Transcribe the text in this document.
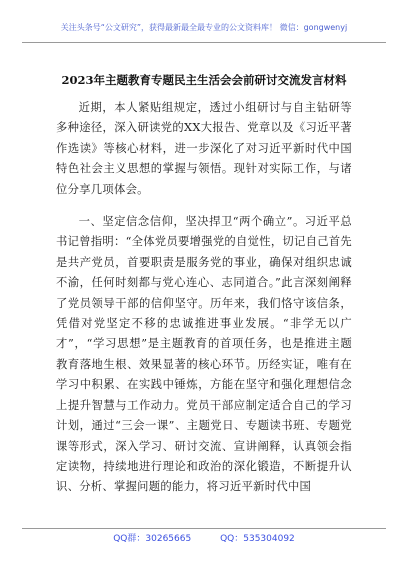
关注头条号“公文研究”，获得最新最全最专业的公文资料库！ 微信：gongwenyj
2023年主题教育专题民主生活会会前研讨交流发言材料

近期，本人紧贴组规定，透过小组研讨与自主钻研等多种途径，深入研读党的XX大报告、党章以及《习近平著作选读》等核心材料，进一步深化了对习近平新时代中国特色社会主义思想的掌握与领悟。现针对实际工作，与诸位分享几项体会。

一、坚定信念信仰，坚决捍卫“两个确立”。习近平总书记曾指明：“全体党员要增强党的自觉性，切记自己首先是共产党员，首要职责是服务党的事业，确保对组织忠诚不渝，任何时刻都与党心连心、志同道合。”此言深刻阐释了党员领导干部的信仰坚守。历年来，我们恪守该信条，凭借对党坚定不移的忠诚推进事业发展。“非学无以广才”，“学习思想”是主题教育的首项任务，也是推进主题教育落地生根、效果显著的核心环节。历经实证，唯有在学习中积累、在实践中锤炼，方能在坚守和强化理想信念上提升智慧与工作动力。党员干部应制定适合自己的学习计划，通过“三会一课”、主题党日、专题读书班、专题党课等形式，深入学习、研讨交流、宣讲阐释，认真领会指定读物，持续地进行理论和政治的深化锻造，不断提升认识、分析、掌握问题的能力，将习近平新时代中国

QQ群：30265665	QQ：535304092
